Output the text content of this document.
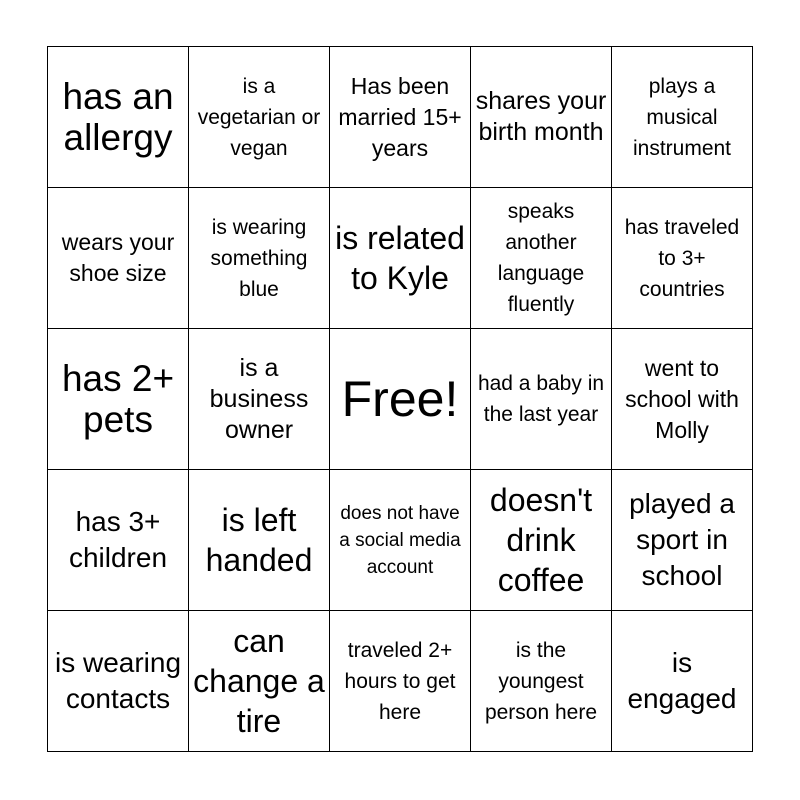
has an allergy
is a vegetarian or vegan
Has been married 15+ years
shares your birth month
plays a musical instrument
wears your shoe size
is wearing something blue
is related to Kyle
speaks another language fluently
has traveled to 3+ countries
has 2+ pets
is a business owner
Free! had a baby in the last year
went to school with Molly
has 3+ children
is left handed
does not have a social media account
doesn't drink coffee
played a sport in school
is wearing contacts
can change a tire
traveled 2+ hours to get here
is the youngest person here
is engaged
